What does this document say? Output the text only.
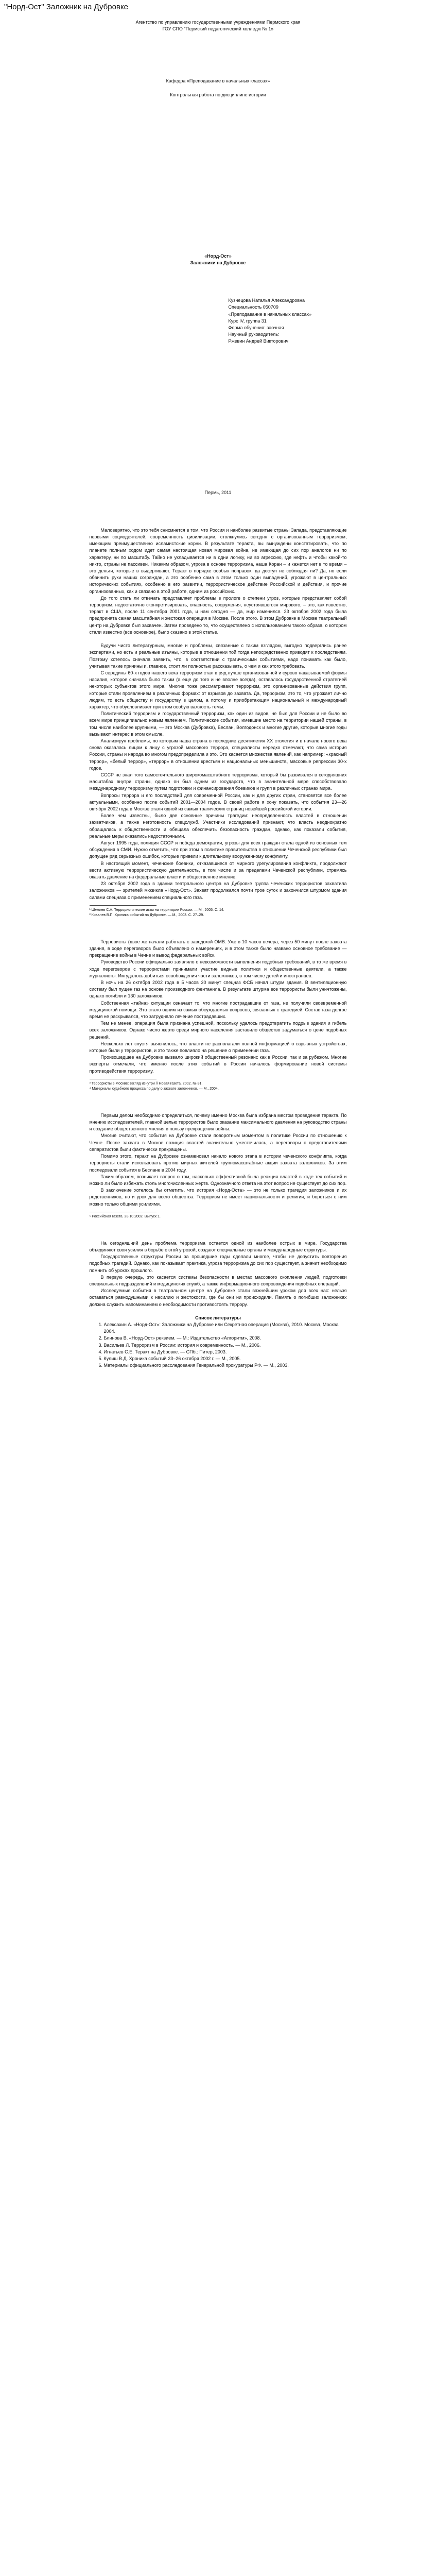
"Норд-Ост" Заложник на Дубровке
Агентство по управлению государственными учреждениями Пермского края
ГОУ СПО "Пермский педагогический колледж № 1»
Кафедра «Преподавание в начальных классах»
Контрольная работа по дисциплине истории
«Норд-Ост»
Заложники на Дубровке
Кузнецова Наталья Александровна
Специальность 050709
«Преподавание в начальных классах»
Курс IV, группа 31
Форма обучения: заочная
Научный руководитель:
Ржевин Андрей Викторович
Пермь, 2011

Маловерятно, что это тебя снисмнется в том, что Россия и наиболее развитые страны Запада, представляющие первыми социодеятелей, современность цивилизации, столкнулись сегодня с организованным терроризмом, имеющим преимущественно исламистские корни. В результате теракта, вы вынуждены констатировать, что по планете полным ходом идет самая настоящая новая мировая война, не имеющая до сих пор аналогов ни по характеру, ни по масштабу. Тайно не укладывается ни в одни логику, ни во агрессию, где нефть и чтобы какой-то никто, страны не пассивен. Никаким образом, угроза в основе терроризма, наша Коран – и кажется нет в то время – это деньги, которые в выдергивают. Теракт в порядке особых поправок, да доступ не соблюдая ли? Да, но если обвинить руки наших сограждан, а это особенно сама в этом только один выпадений, угрожают в центральных исторических событиях, особенно в его развитии, террористическое действие Российской и действия, и прочие организованных, как и связано в этой работе, одним из российских.

До того стать ли отвечать представляет проблемы в прологе о степени угроз, которые представляет собой терроризм, недостаточно сконкретизировать, опасность, сооружения, неустоявшегося мирового, – это, как известно, теракт в США, после 11 сентября 2001 года, и нам сегодня — да, мир изменился. 23 октября 2002 года была предпринята самая масштабная и жестокая операция в Москве. После этого. В этом Дубровке в Москве театральный центр на Дубровке был захвачен. Затем проведено то, что осуществлено с использованием такого образа, о котором стали известно (все основное), было сказано в этой статье.

Будучи чисто литературным, многие и проблемы, связанные с таким взглядом, выгодно подверглись ранее экспертами, но есть и реальные изъяны, которые в отношении той тогда непосредственно приводят к последствиям. Поэтому хотелось сначала заявить, что, в соответствии с трагическими событиями, надо понимать как было, учитывая такие причины и, главное, стоит ли полностью рассказывать, о чем и как этого требовать.

С середины 60-х годов нашего века терроризм стал в ряд лучше организованной и сурово наказываемой формы насилия, которое сначала было таким (а еще до того и не вполне всегда), оставалось государственной стратегией некоторых субъектов этого мира. Многие тоже рассматривают терроризм, это организованные действия групп, которые стали проявлением в различных формах: от взрывов до захвата. Да, терроризм, это то, что угрожает лично людям, то есть обществу и государству в целом, а потому и приобретающим национальный и международный характер, что обусловливает при этом особую важность темы.

Политический терроризм и государственный терроризм, как один из видов, не был для России и не было во всем мире принципиально новым явлением. Политические события, имевшие место на территории нашей страны, в том числе наиболее крупными, — это Москва (Дубровка), Беслан, Волгодонск и многие другие, которые многие годы вызывают интерес в этом смысле.

Анализируя проблемы, по которым наша страна в последние десятилетия XX столетия и в начале нового века снова оказалась лицом к лицу с угрозой массового террора, специалисты нередко отмечают, что сама история России, страны и народа во многом предопределила и это. Это касается множества явлений, как например: «красный террор», «белый террор», «террор» в отношении крестьян и национальных меньшинств, массовые репрессии 30-х годов.

СССР не знал того самостоятельного широкомасштабного терроризма, который бы развивался в сегодняшних масштабах внутри страны, однако он был одним из государств, что в значительной мере способствовало международному терроризму путем подготовки и финансирования боевиков и групп в различных странах мира.

Вопросы террора и его последствий для современной России, как и для других стран, становятся все более актуальными, особенно после событий 2001—2004 годов. В своей работе я хочу показать, что события 23—26 октября 2002 года в Москве стали одной из самых трагических страниц новейшей российской истории.

Более чем известны, было две основные причины трагедии: неопределенность властей в отношении захватчиков, а также неготовность спецслужб. Участники исследований признают, что власть неоднократно обращалась к общественности и обещала обеспечить безопасность граждан, однако, как показали события, реальные меры оказались недостаточными.

Август 1995 года, полиция СССР и победа демократии, угрозы для всех граждан стала одной из основных тем обсуждения в СМИ. Нужно отметить, что при этом в политике правительства в отношении Чеченской республики был допущен ряд серьезных ошибок, которые привели к длительному вооруженному конфликту.

В настоящий момент, чеченские боевики, отказавшиеся от мирного урегулирования конфликта, продолжают вести активную террористическую деятельность, в том числе и за пределами Чеченской республики, стремясь оказать давление на федеральные власти и общественное мнение.

23 октября 2002 года в здании театрального центра на Дубровке группа чеченских террористов захватила заложников — зрителей мюзикла «Норд-Ост». Захват продолжался почти трое суток и закончился штурмом здания силами спецназа с применением специального газа.

¹ Шмелев С.А. Террористические акты на территории России. — М., 2005. С. 14.

² Ковалев В.П. Хроника событий на Дубровке. — М., 2003. С. 27–29.

Террористы (двое же начали работать с заводской ОМВ. Уже в 10 часов вечера, через 50 минут после захвата здания, в ходе переговоров было объявлено о намерениях, и в этом также было названо основное требование — прекращение войны в Чечне и вывод федеральных войск.

Руководство России официально заявляло о невозможности выполнения подобных требований, в то же время в ходе переговоров с террористами принимали участие видные политики и общественные деятели, а также журналисты. Им удалось добиться освобождения части заложников, в том числе детей и иностранцев.

В ночь на 26 октября 2002 года в 5 часов 30 минут спецназ ФСБ начал штурм здания. В вентиляционную систему был пущен газ на основе производного фентанила. В результате штурма все террористы были уничтожены, однако погибли и 130 заложников.

Собственная «тайна» ситуации означает то, что многие пострадавшие от газа, не получили своевременной медицинской помощи. Это стало одним из самых обсуждаемых вопросов, связанных с трагедией. Состав газа долгое время не раскрывался, что затрудняло лечение пострадавших.

Тем не менее, операция была признана успешной, поскольку удалось предотвратить подрыв здания и гибель всех заложников. Однако число жертв среди мирного населения заставило общество задуматься о цене подобных решений.

Несколько лет спустя выяснилось, что власти не располагали полной информацией о взрывных устройствах, которые были у террористов, и это также повлияло на решение о применении газа.

Произошедшее на Дубровке вызвало широкий общественный резонанс как в России, так и за рубежом. Многие эксперты отмечали, что именно после этих событий в России началось формирование новой системы противодействия терроризму.

³ Террористы в Москве: взгляд изнутри // Новая газета. 2002. № 81.

⁴ Материалы судебного процесса по делу о захвате заложников. — М., 2004.

Первым делом необходимо определиться, почему именно Москва была избрана местом проведения теракта. По мнению исследователей, главной целью террористов было оказание максимального давления на руководство страны и создание общественного мнения в пользу прекращения войны.

Многие считают, что события на Дубровке стали поворотным моментом в политике России по отношению к Чечне. После захвата в Москве позиция властей значительно ужесточилась, а переговоры с представителями сепаратистов были фактически прекращены.

Помимо этого, теракт на Дубровке ознаменовал начало нового этапа в истории чеченского конфликта, когда террористы стали использовать против мирных жителей крупномасштабные акции захвата заложников. За этим последовали события в Беслане в 2004 году.

Таким образом, возникает вопрос о том, насколько эффективной была реакция властей в ходе тех событий и можно ли было избежать столь многочисленных жертв. Однозначного ответа на этот вопрос не существует до сих пор.

В заключение хотелось бы отметить, что история «Норд-Оста» — это не только трагедия заложников и их родственников, но и урок для всего общества. Терроризм не имеет национальности и религии, и бороться с ним можно только общими усилиями.

⁵ Российская газета. 28.10.2002. Выпуск 1.

На сегодняшний день проблема терроризма остается одной из наиболее острых в мире. Государства объединяют свои усилия в борьбе с этой угрозой, создают специальные органы и международные структуры.

Государственные структуры России за прошедшие годы сделали многое, чтобы не допустить повторения подобных трагедий. Однако, как показывает практика, угроза терроризма до сих пор существует, а значит необходимо помнить об уроках прошлого.

В первую очередь, это касается системы безопасности в местах массового скопления людей, подготовки специальных подразделений и медицинских служб, а также информационного сопровождения подобных операций.

Исследуемые события в театральном центре на Дубровке стали важнейшим уроком для всех нас: нельзя оставаться равнодушными к насилию и жестокости, где бы они ни происходили. Память о погибших заложниках должна служить напоминанием о необходимости противостоять террору.

Список литературы
1. Алексахин А. «Норд-Ост»: Заложники на Дубровке или Секретная операция (Москва), 2010. Москва, Москва 2004.
2. Блинова В. «Норд-Ост» реквием. — М.: Издательство «Алгоритм», 2008.
3. Васильев Л. Терроризм в России: история и современность. — М., 2006.
4. Игнатьев С.Е. Теракт на Дубровке. — СПб.: Питер, 2003.
5. Кулиш В.Д. Хроника событий 23–26 октября 2002 г. — М., 2005.
6. Материалы официального расследования Генеральной прокуратуры РФ. — М., 2003.
